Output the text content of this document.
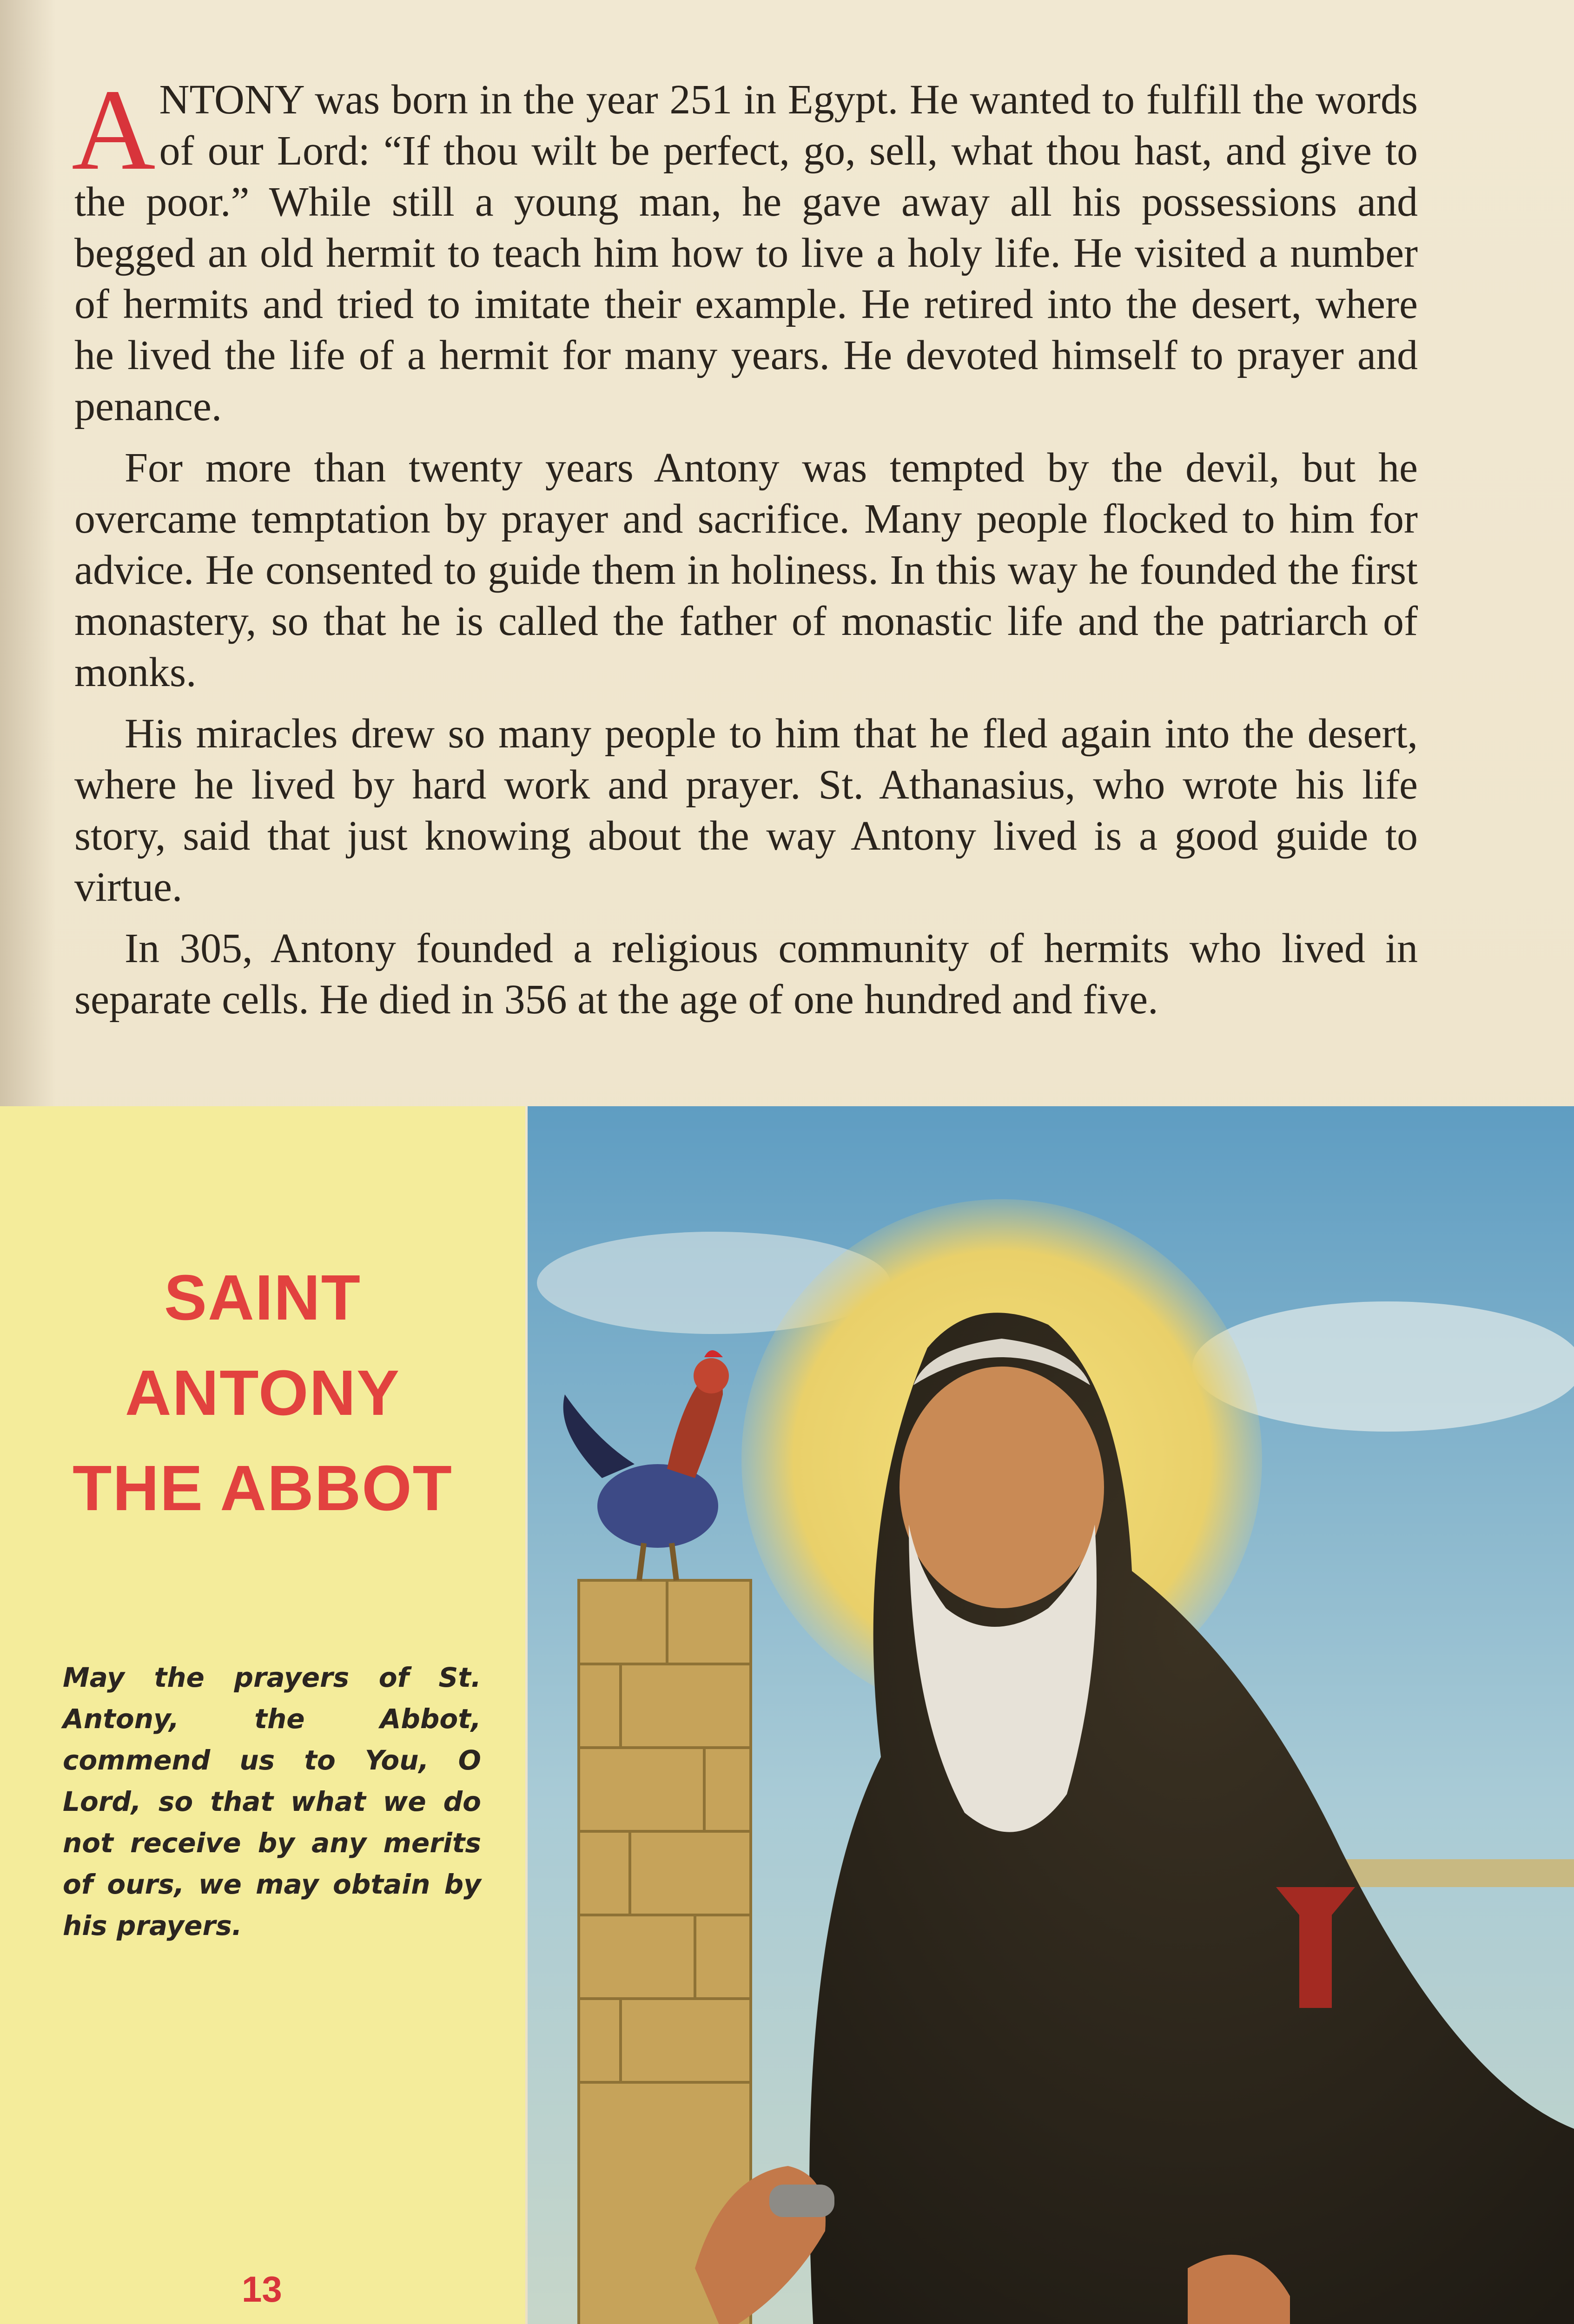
ANTONY was born in the year 251 in Egypt. He wanted to fulfill the words of our Lord: “If thou wilt be perfect, go, sell, what thou hast, and give to the poor.” While still a young man, he gave away all his possessions and begged an old hermit to teach him how to live a holy life. He visited a number of hermits and tried to imitate their example. He retired into the desert, where he lived the life of a hermit for many years. He devoted himself to prayer and penance.

For more than twenty years Antony was tempted by the devil, but he overcame temptation by prayer and sacrifice. Many people flocked to him for advice. He consented to guide them in holiness. In this way he founded the first monastery, so that he is called the father of monastic life and the patriarch of monks.

His miracles drew so many people to him that he fled again into the desert, where he lived by hard work and prayer. St. Athanasius, who wrote his life story, said that just knowing about the way Antony lived is a good guide to virtue.

In 305, Antony founded a religious community of hermits who lived in separate cells. He died in 356 at the age of one hundred and five.

SAINT
ANTONY
THE ABBOT
May the prayers of St. Antony, the Abbot, commend us to You, O Lord, so that what we do not receive by any merits of ours, we may obtain by his prayers.
13
